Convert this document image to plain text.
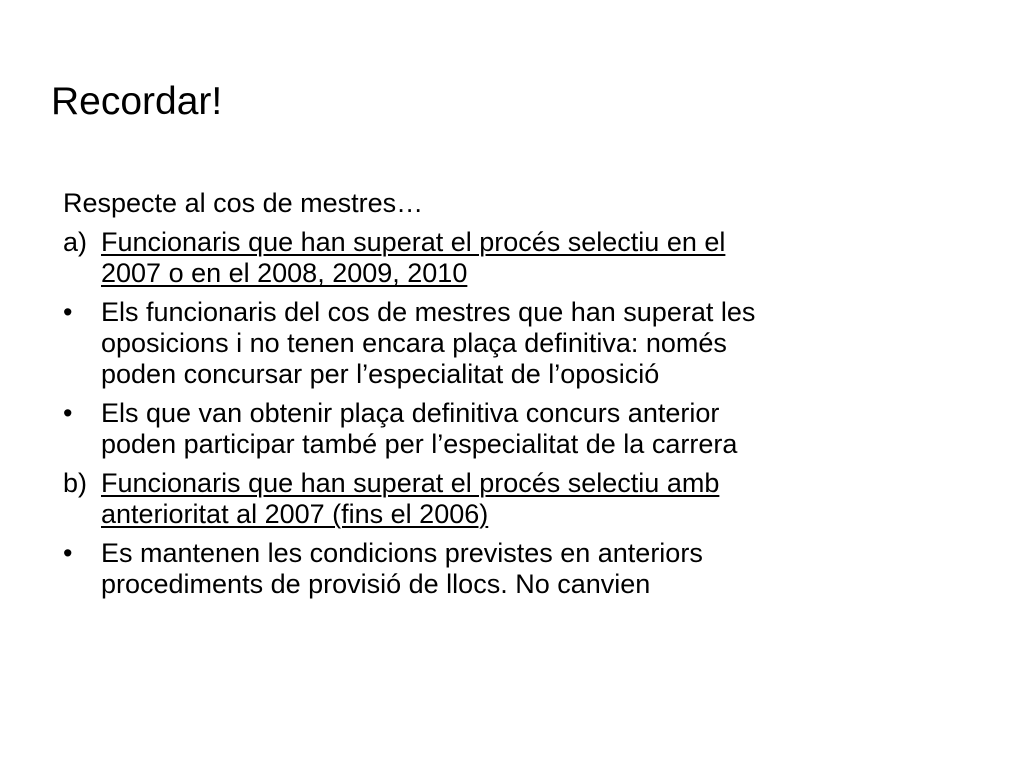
Recordar!

Respecte al cos de mestres…

a) Funcionaris que han superat el procés selectiu en el
2007 o en el 2008, 2009, 2010
• Els funcionaris del cos de mestres que han superat les
oposicions i no tenen encara plaça definitiva: només
poden concursar per l’especialitat de l’oposició
• Els que van obtenir plaça definitiva concurs anterior
poden participar també per l’especialitat de la carrera
b) Funcionaris que han superat el procés selectiu amb
anterioritat al 2007 (fins el 2006)
• Es mantenen les condicions previstes en anteriors
procediments de provisió de llocs. No canvien
